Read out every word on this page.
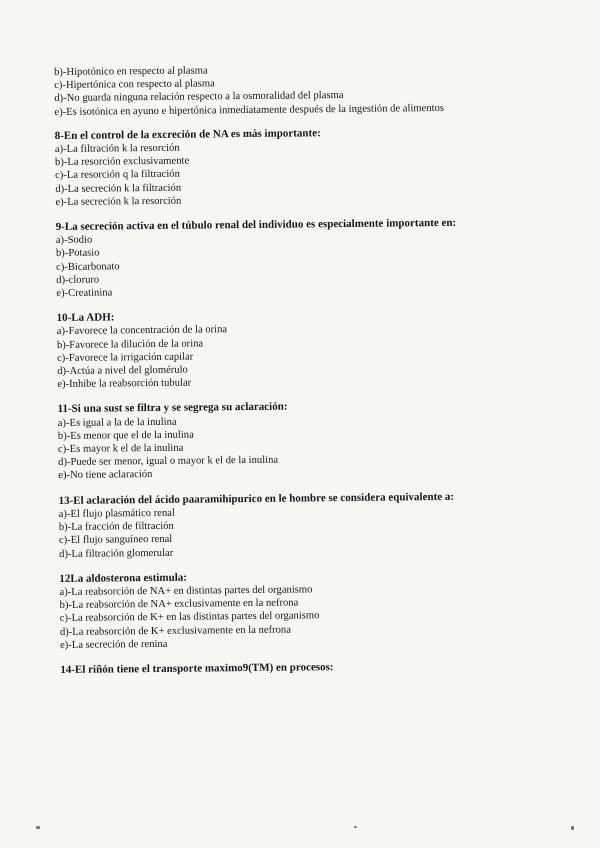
b)-Hipotónico en respecto al plasma
c)-Hipertónica con respecto al plasma
d)-No guarda ninguna relación respecto a la osmoralidad del plasma
e)-Es isotónica en ayuno e hipertónica inmediatamente después de la ingestión de alimentos
8-En el control de la excreción de NA es más importante:
a)-La filtración k la resorción
b)-La resorción exclusivamente
c)-La resorción q la filtración
d)-La secreción k la filtración
e)-La secreción k la resorción
9-La secreción activa en el túbulo renal del individuo es especialmente importante en:
a)-Sodio
b)-Potasio
c)-Bicarbonato
d)-cloruro
e)-Creatinina
10-La ADH:
a)-Favorece la concentración de la orina
b)-Favorece la dilución de la orina
c)-Favorece la irrigación capilar
d)-Actúa a nivel del glomérulo
e)-Inhibe la reabsorción tubular
11-Si una sust se filtra y se segrega su aclaración:
a)-Es igual a la de la inulina
b)-Es menor que el de la inulina
c)-Es mayor k el de la inulina
d)-Puede ser menor, igual o mayor k el de la inulina
e)-No tiene aclaración
13-El aclaración del ácido paaramihipurico en le hombre se considera equivalente a:
a)-El flujo plasmático renal
b)-La fracción de filtración
c)-El flujo sanguíneo renal
d)-La filtración glomerular
12La aldosterona estimula:
a)-La reabsorción de NA+ en distintas partes del organismo
b)-La reabsorción de NA+ exclusivamente en la nefrona
c)-La reabsorción de K+ en las distintas partes del organismo
d)-La reabsorción de K+ exclusivamente en la nefrona
e)-La secreción de renina
14-El riñón tiene el transporte maximo9(TM) en procesos:
